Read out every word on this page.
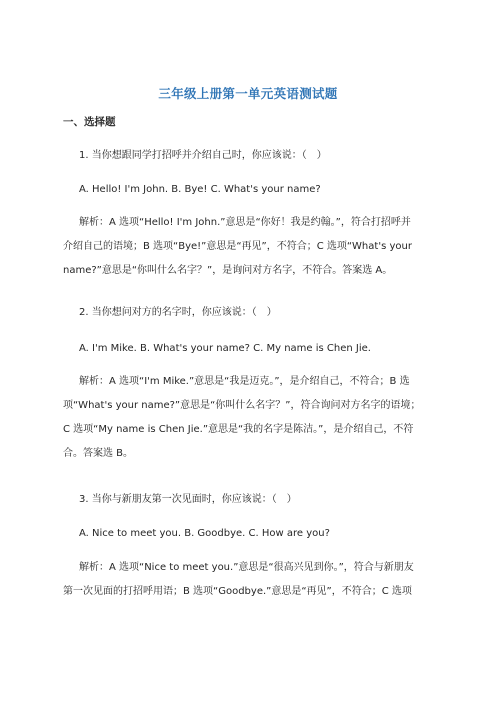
三年级上册第一单元英语测试题
一、选择题
1. 当你想跟同学打招呼并介绍自己时，你应该说：（　）
A. Hello! I'm John. B. Bye! C. What's your name?
解析：A 选项“Hello! I'm John.”意思是“你好！我是约翰。”，符合打招呼并
介绍自己的语境；B 选项“Bye!”意思是“再见”，不符合；C 选项“What's your
name?”意思是“你叫什么名字？”，是询问对方名字，不符合。答案选 A。
2. 当你想问对方的名字时，你应该说：（　）
A. I'm Mike. B. What's your name? C. My name is Chen Jie.
解析：A 选项“I'm Mike.”意思是“我是迈克。”，是介绍自己，不符合；B 选
项“What's your name?”意思是“你叫什么名字？”，符合询问对方名字的语境；
C 选项“My name is Chen Jie.”意思是“我的名字是陈洁。”，是介绍自己，不符
合。答案选 B。
3. 当你与新朋友第一次见面时，你应该说：（　）
A. Nice to meet you. B. Goodbye. C. How are you?
解析：A 选项“Nice to meet you.”意思是“很高兴见到你。”，符合与新朋友
第一次见面的打招呼用语；B 选项“Goodbye.”意思是“再见”，不符合；C 选项
